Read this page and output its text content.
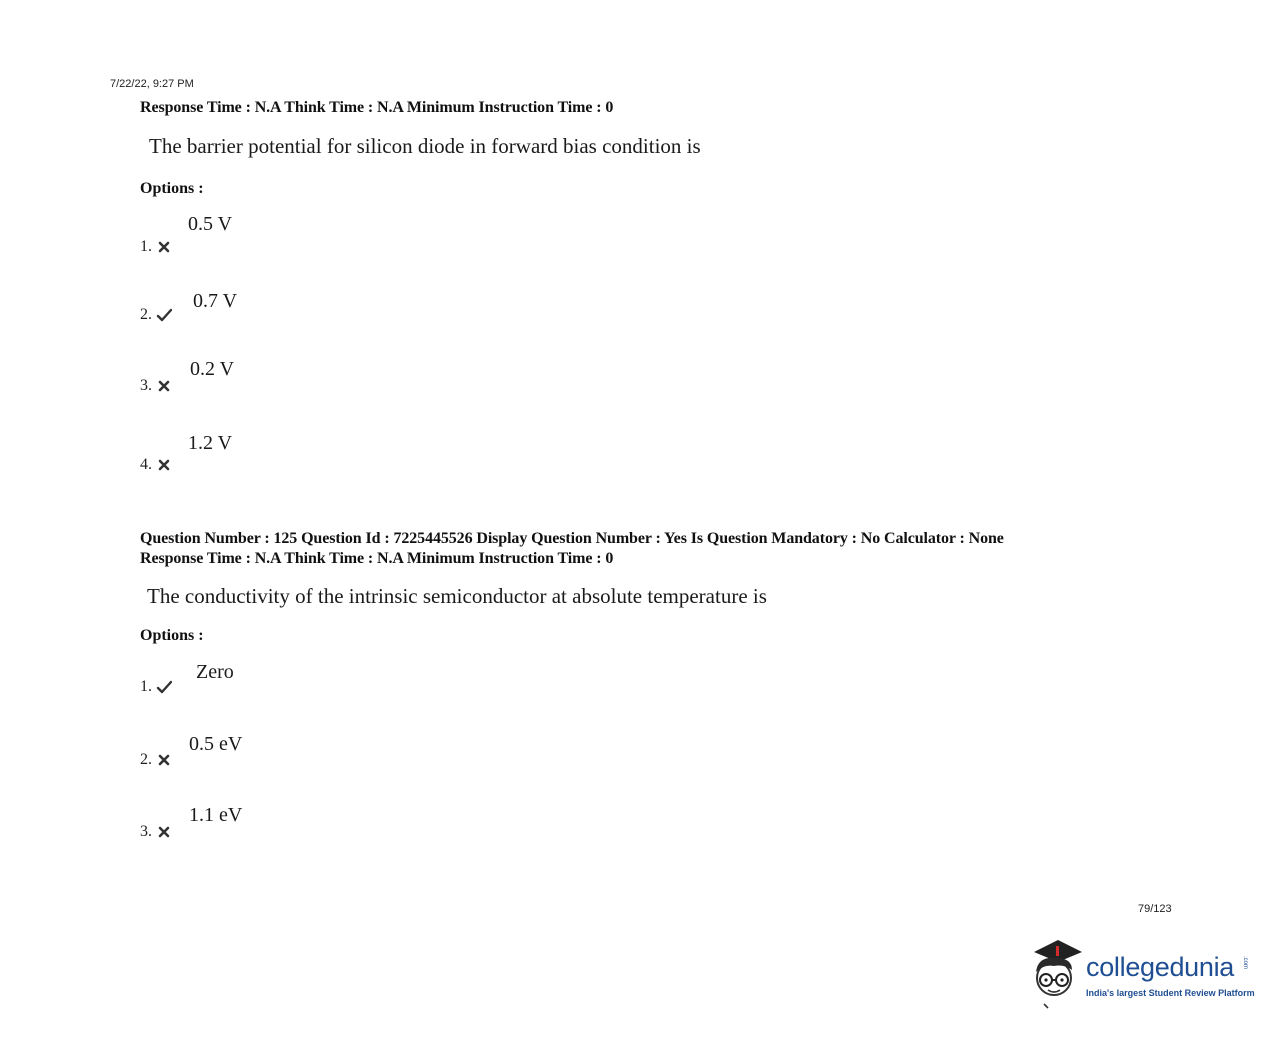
7/22/22, 9:27 PM
Response Time : N.A Think Time : N.A Minimum Instruction Time : 0
The barrier potential for silicon diode in forward bias condition is
Options :
1.
0.5 V
2.
0.7 V
3.
0.2 V
4.
1.2 V
Question Number : 125 Question Id : 7225445526 Display Question Number : Yes Is Question Mandatory : No Calculator : None
Response Time : N.A Think Time : N.A Minimum Instruction Time : 0
The conductivity of the intrinsic semiconductor at absolute temperature is
Options :
1.
Zero
2.
0.5 eV
3.
1.1 eV
79/123
collegedunia .com
India's largest Student Review Platform
